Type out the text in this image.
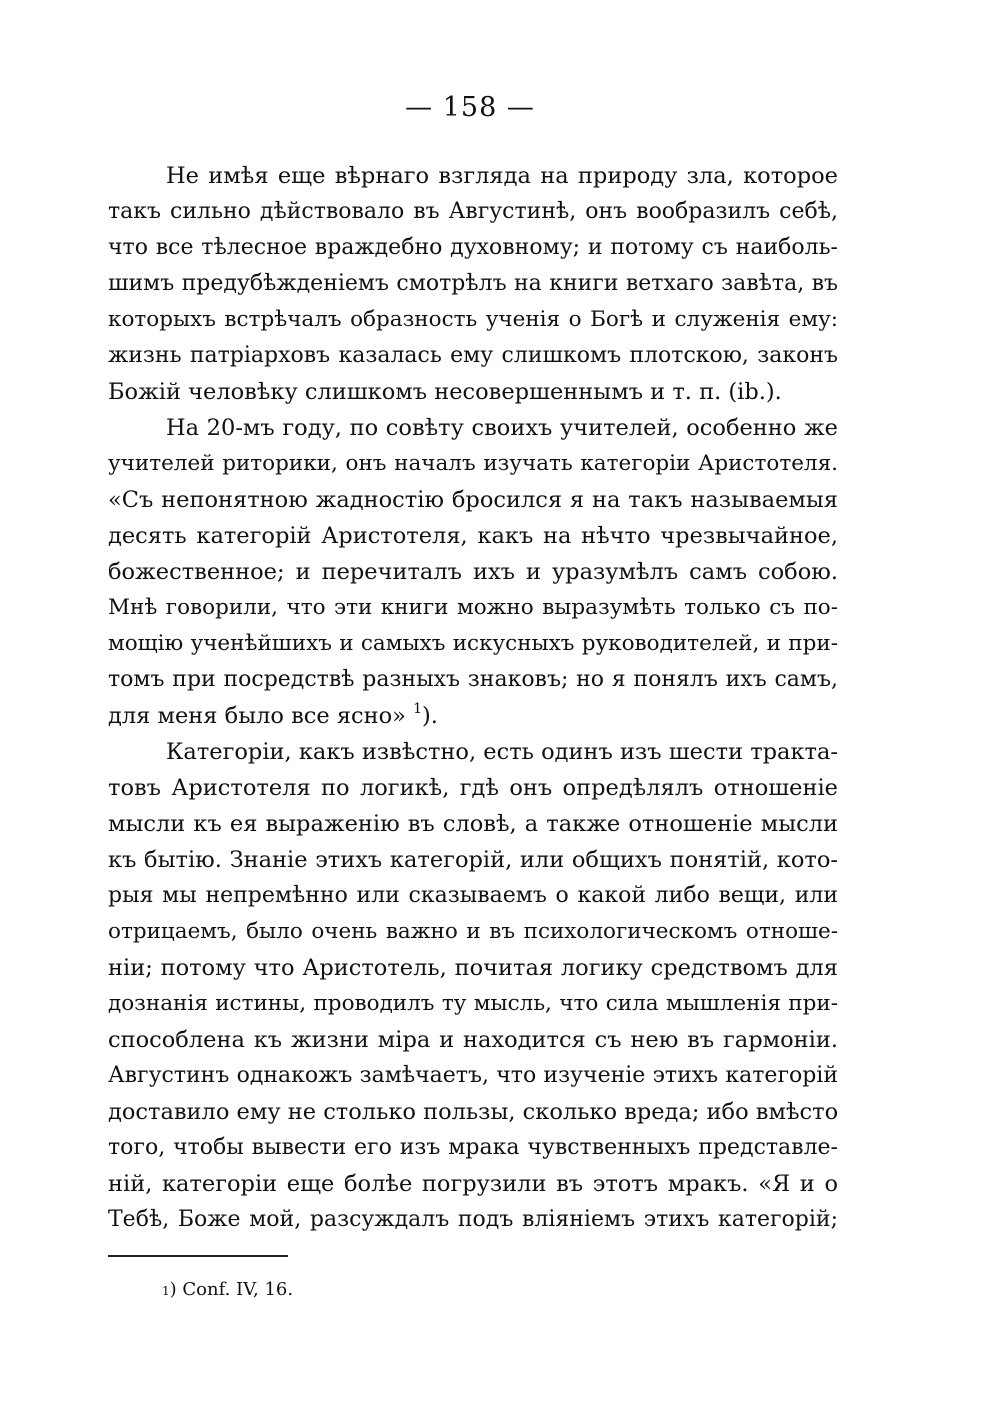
— 158 —
Не имѣя еще вѣрнаго взгляда на природу зла, которое
такъ сильно дѣйствовало въ Августинѣ, онъ вообразилъ себѣ,
что все тѣлесное враждебно духовному; и потому съ наиболь-
шимъ предубѣжденіемъ смотрѣлъ на книги ветхаго завѣта, въ
которыхъ встрѣчалъ образность ученія о Богѣ и служенія ему:
жизнь патріарховъ казалась ему слишкомъ плотскою, законъ
Божій человѣку слишкомъ несовершеннымъ и т. п. (ib.).
На 20-мъ году, по совѣту своихъ учителей, особенно же
учителей риторики, онъ началъ изучать категоріи Аристотеля.
«Съ непонятною жадностію бросился я на такъ называемыя
десять категорій Аристотеля, какъ на нѣчто чрезвычайное,
божественное; и перечиталъ ихъ и уразумѣлъ самъ собою.
Мнѣ говорили, что эти книги можно выразумѣть только съ по-
мощію ученѣйшихъ и самыхъ искусныхъ руководителей, и при-
томъ при посредствѣ разныхъ знаковъ; но я понялъ ихъ самъ,
для меня было все ясно» $^1$).
Категоріи, какъ извѣстно, есть одинъ изъ шести тракта-
товъ Аристотеля по логикѣ, гдѣ онъ опредѣлялъ отношеніе
мысли къ ея выраженію въ словѣ, а также отношеніе мысли
къ бытію. Знаніе этихъ категорій, или общихъ понятій, кото-
рыя мы непремѣнно или сказываемъ о какой либо вещи, или
отрицаемъ, было очень важно и въ психологическомъ отноше-
ніи; потому что Аристотель, почитая логику средствомъ для
дознанія истины, проводилъ ту мысль, что сила мышленія при-
способлена къ жизни міра и находится съ нею въ гармоніи.
Августинъ однакожъ замѣчаетъ, что изученіе этихъ категорій
доставило ему не столько пользы, сколько вреда; ибо вмѣсто
того, чтобы вывести его изъ мрака чувственныхъ представле-
ній, категоріи еще болѣе погрузили въ этотъ мракъ. «Я и о
Тебѣ, Боже мой, разсуждалъ подъ вліяніемъ этихъ категорій;
$^1$) Conf. IV, 16.
